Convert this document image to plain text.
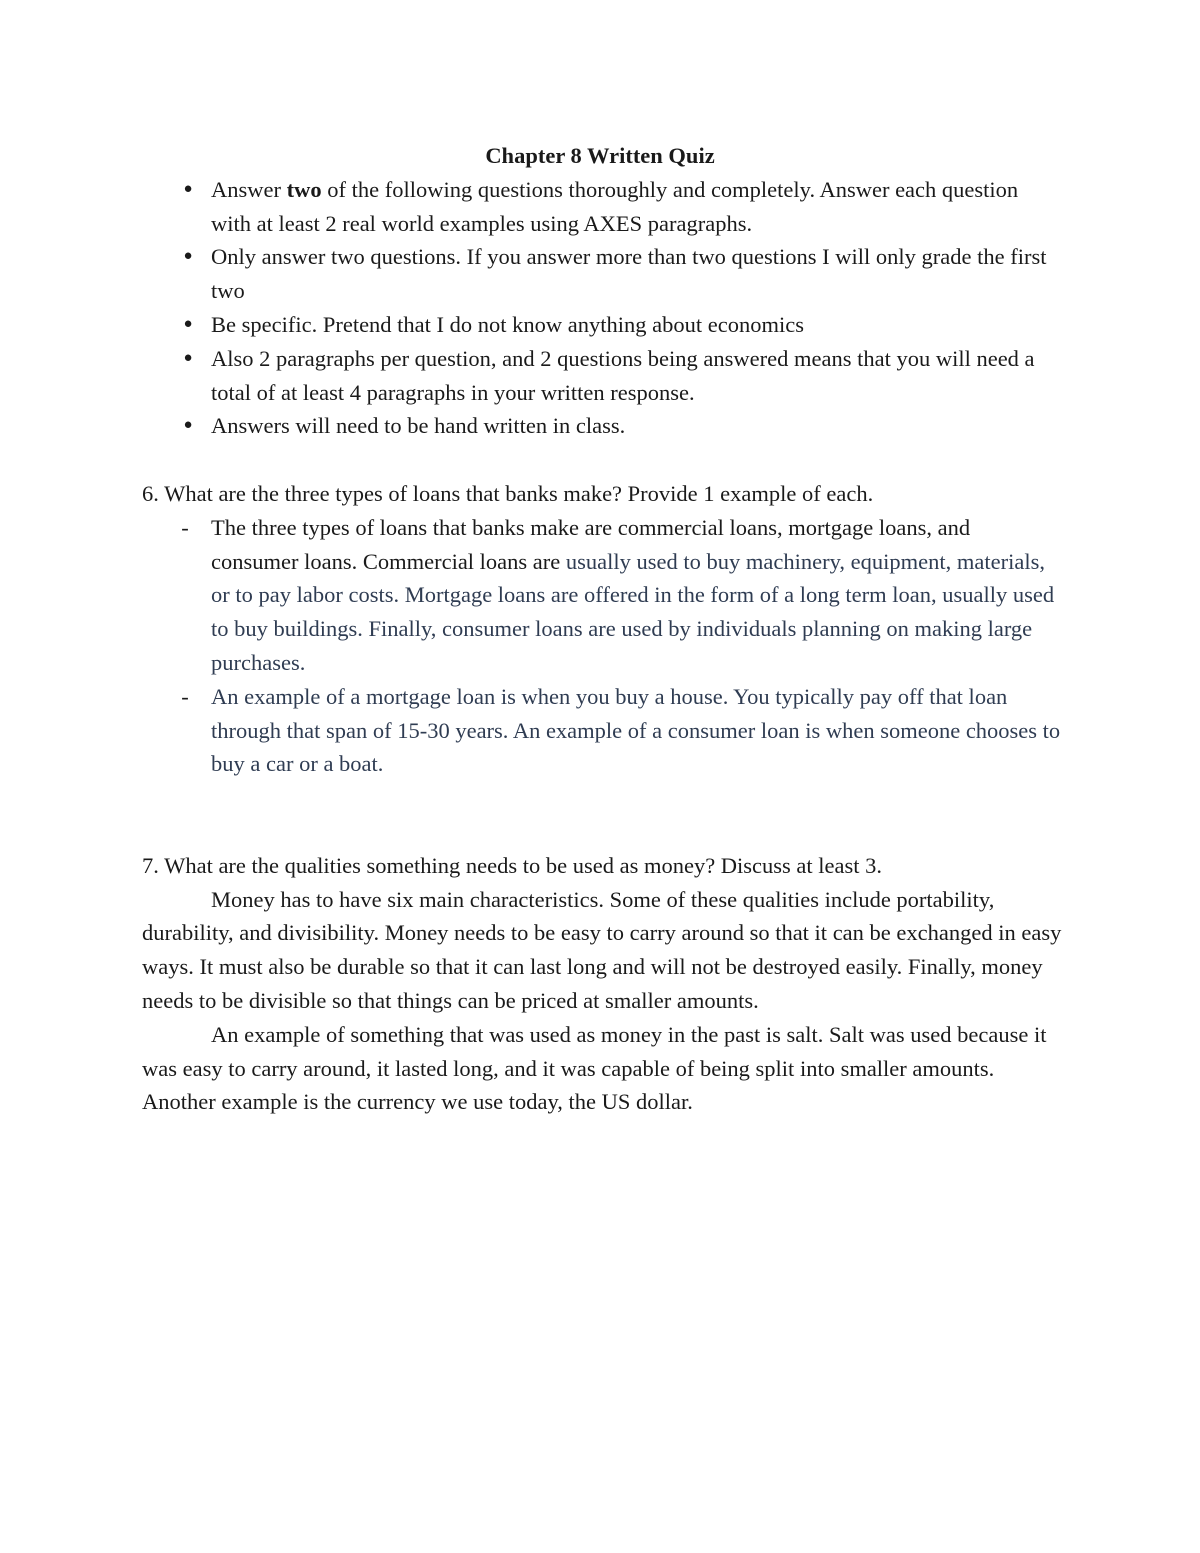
Chapter 8 Written Quiz

● Answer two of the following questions thoroughly and completely. Answer each question with at least 2 real world examples using AXES paragraphs.
● Only answer two questions. If you answer more than two questions I will only grade the first two
● Be specific. Pretend that I do not know anything about economics
● Also 2 paragraphs per question, and 2 questions being answered means that you will need a total of at least 4 paragraphs in your written response.
● Answers will need to be hand written in class.

6. What are the three types of loans that banks make? Provide 1 example of each.

- The three types of loans that banks make are commercial loans, mortgage loans, and consumer loans. Commercial loans are usually used to buy machinery, equipment, materials, or to pay labor costs. Mortgage loans are offered in the form of a long term loan, usually used to buy buildings. Finally, consumer loans are used by individuals planning on making large purchases.
- An example of a mortgage loan is when you buy a house. You typically pay off that loan through that span of 15-30 years. An example of a consumer loan is when someone chooses to buy a car or a boat.

7. What are the qualities something needs to be used as money? Discuss at least 3.

Money has to have six main characteristics. Some of these qualities include portability, durability, and divisibility. Money needs to be easy to carry around so that it can be exchanged in easy ways. It must also be durable so that it can last long and will not be destroyed easily. Finally, money needs to be divisible so that things can be priced at smaller amounts.

An example of something that was used as money in the past is salt. Salt was used because it was easy to carry around, it lasted long, and it was capable of being split into smaller amounts. Another example is the currency we use today, the US dollar.
